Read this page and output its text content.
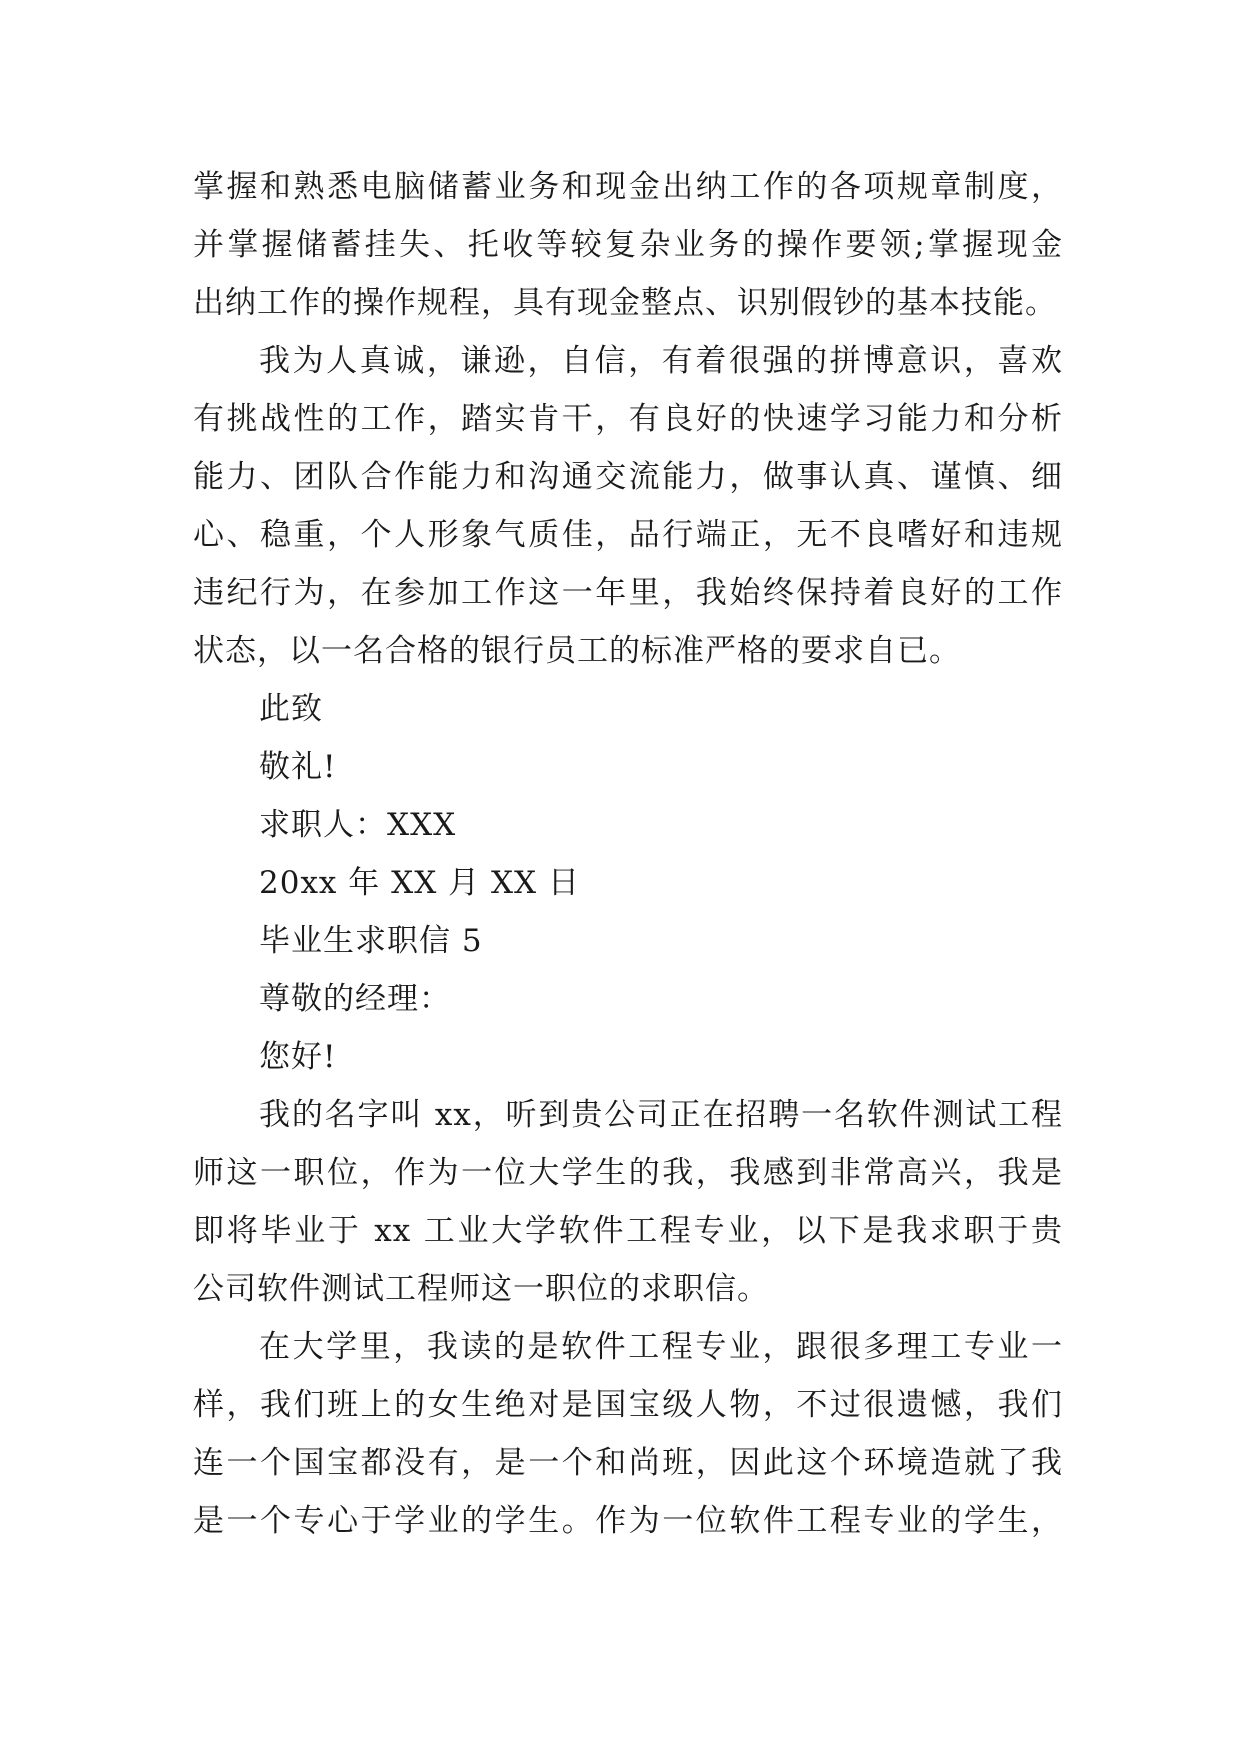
掌握和熟悉电脑储蓄业务和现金出纳工作的各项规章制度，
并掌握储蓄挂失、托收等较复杂业务的操作要领;掌握现金
出纳工作的操作规程，具有现金整点、识别假钞的基本技能。
我为人真诚，谦逊，自信，有着很强的拼博意识，喜欢
有挑战性的工作，踏实肯干，有良好的快速学习能力和分析
能力、团队合作能力和沟通交流能力，做事认真、谨慎、细
心、稳重，个人形象气质佳，品行端正，无不良嗜好和违规
违纪行为，在参加工作这一年里，我始终保持着良好的工作
状态，以一名合格的银行员工的标准严格的要求自已。
此致
敬礼!
求职人：XXX
20xx 年 XX 月 XX 日
毕业生求职信 5
尊敬的经理：
您好!
我的名字叫 xx，听到贵公司正在招聘一名软件测试工程
师这一职位，作为一位大学生的我，我感到非常高兴，我是
即将毕业于 xx 工业大学软件工程专业，以下是我求职于贵
公司软件测试工程师这一职位的求职信。
在大学里，我读的是软件工程专业，跟很多理工专业一
样，我们班上的女生绝对是国宝级人物，不过很遗憾，我们
连一个国宝都没有，是一个和尚班，因此这个环境造就了我
是一个专心于学业的学生。作为一位软件工程专业的学生，
